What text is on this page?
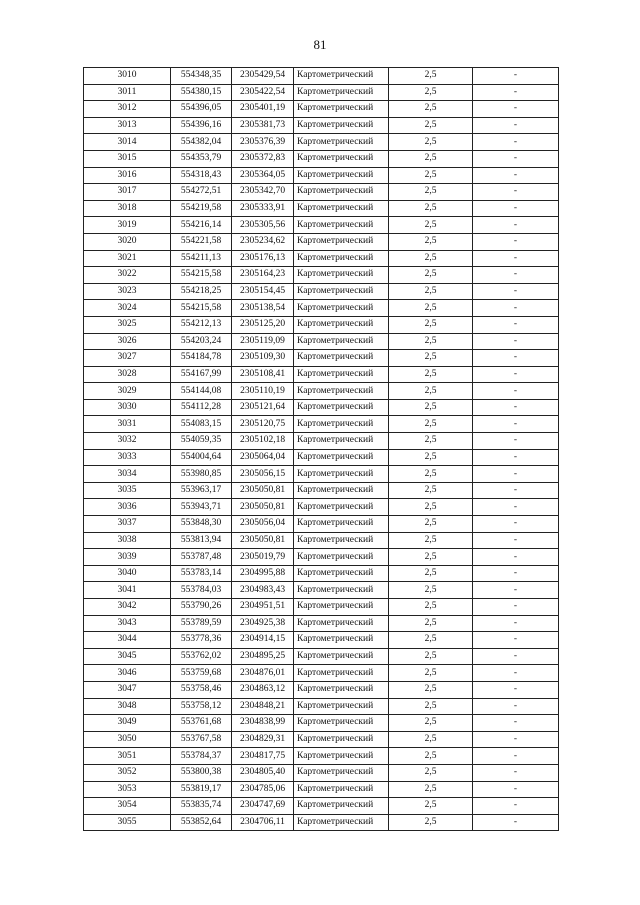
81
3010	554348,35	2305429,54	Картометрический	2,5	-
3011	554380,15	2305422,54	Картометрический	2,5	-
3012	554396,05	2305401,19	Картометрический	2,5	-
3013	554396,16	2305381,73	Картометрический	2,5	-
3014	554382,04	2305376,39	Картометрический	2,5	-
3015	554353,79	2305372,83	Картометрический	2,5	-
3016	554318,43	2305364,05	Картометрический	2,5	-
3017	554272,51	2305342,70	Картометрический	2,5	-
3018	554219,58	2305333,91	Картометрический	2,5	-
3019	554216,14	2305305,56	Картометрический	2,5	-
3020	554221,58	2305234,62	Картометрический	2,5	-
3021	554211,13	2305176,13	Картометрический	2,5	-
3022	554215,58	2305164,23	Картометрический	2,5	-
3023	554218,25	2305154,45	Картометрический	2,5	-
3024	554215,58	2305138,54	Картометрический	2,5	-
3025	554212,13	2305125,20	Картометрический	2,5	-
3026	554203,24	2305119,09	Картометрический	2,5	-
3027	554184,78	2305109,30	Картометрический	2,5	-
3028	554167,99	2305108,41	Картометрический	2,5	-
3029	554144,08	2305110,19	Картометрический	2,5	-
3030	554112,28	2305121,64	Картометрический	2,5	-
3031	554083,15	2305120,75	Картометрический	2,5	-
3032	554059,35	2305102,18	Картометрический	2,5	-
3033	554004,64	2305064,04	Картометрический	2,5	-
3034	553980,85	2305056,15	Картометрический	2,5	-
3035	553963,17	2305050,81	Картометрический	2,5	-
3036	553943,71	2305050,81	Картометрический	2,5	-
3037	553848,30	2305056,04	Картометрический	2,5	-
3038	553813,94	2305050,81	Картометрический	2,5	-
3039	553787,48	2305019,79	Картометрический	2,5	-
3040	553783,14	2304995,88	Картометрический	2,5	-
3041	553784,03	2304983,43	Картометрический	2,5	-
3042	553790,26	2304951,51	Картометрический	2,5	-
3043	553789,59	2304925,38	Картометрический	2,5	-
3044	553778,36	2304914,15	Картометрический	2,5	-
3045	553762,02	2304895,25	Картометрический	2,5	-
3046	553759,68	2304876,01	Картометрический	2,5	-
3047	553758,46	2304863,12	Картометрический	2,5	-
3048	553758,12	2304848,21	Картометрический	2,5	-
3049	553761,68	2304838,99	Картометрический	2,5	-
3050	553767,58	2304829,31	Картометрический	2,5	-
3051	553784,37	2304817,75	Картометрический	2,5	-
3052	553800,38	2304805,40	Картометрический	2,5	-
3053	553819,17	2304785,06	Картометрический	2,5	-
3054	553835,74	2304747,69	Картометрический	2,5	-
3055	553852,64	2304706,11	Картометрический	2,5	-
